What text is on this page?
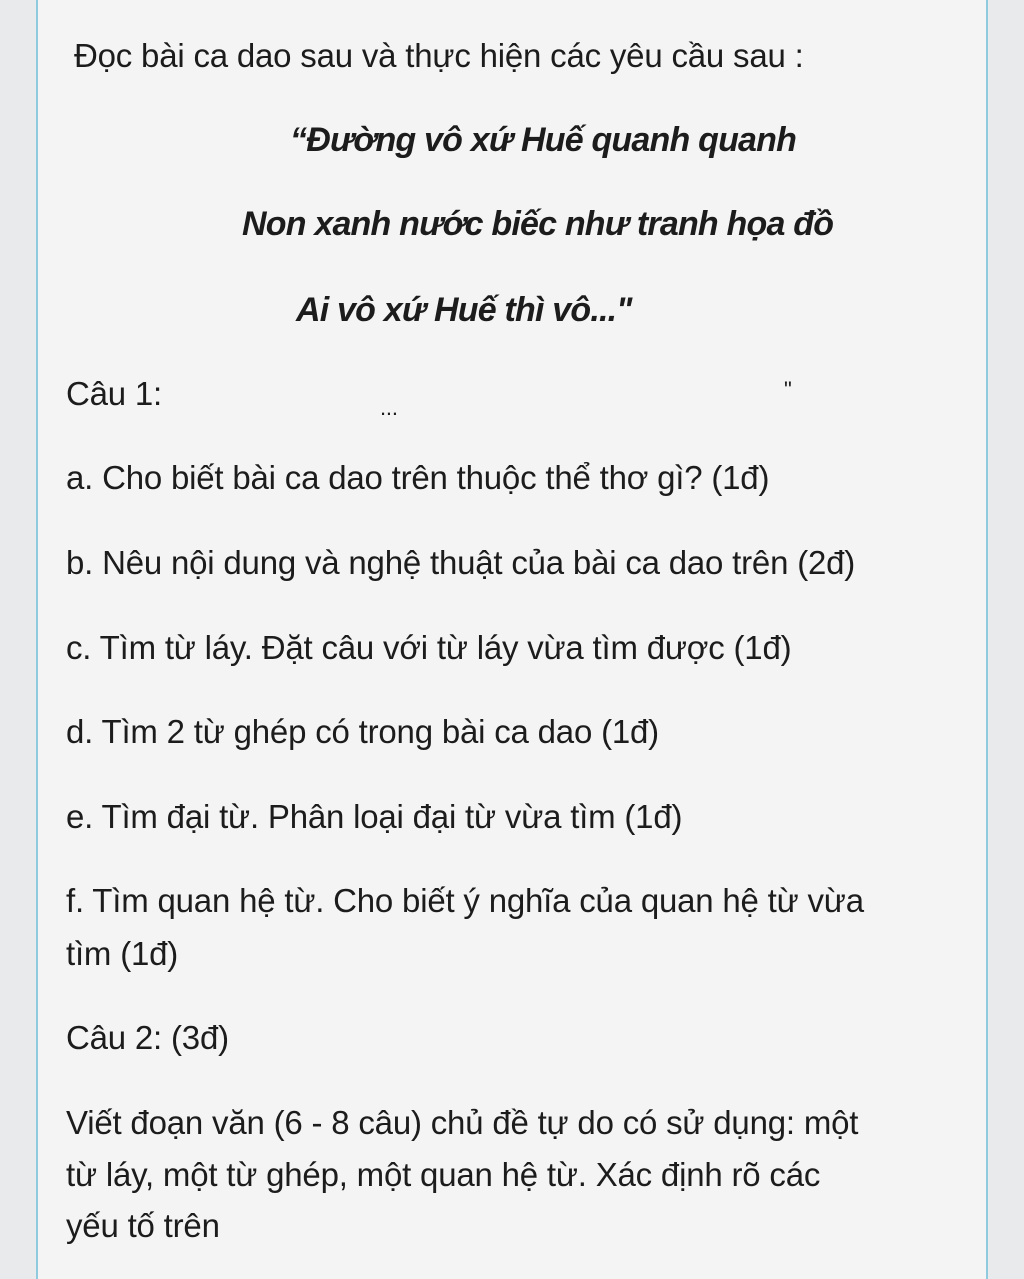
Đọc bài ca dao sau và thực hiện các yêu cầu sau :
“Đường vô xứ Huế quanh quanh
Non xanh nước biếc như tranh họa đồ
Ai vô xứ Huế thì vô..."
Câu 1:	...
"
a. Cho biết bài ca dao trên thuộc thể thơ gì? (1đ)
b. Nêu nội dung và nghệ thuật của bài ca dao trên (2đ)
c. Tìm từ láy. Đặt câu với từ láy vừa tìm được (1đ)
d. Tìm 2 từ ghép có trong bài ca dao (1đ)
e. Tìm đại từ. Phân loại đại từ vừa tìm (1đ)
f. Tìm quan hệ từ. Cho biết ý nghĩa của quan hệ từ vừa
tìm (1đ)
Câu 2: (3đ)
Viết đoạn văn (6 - 8 câu) chủ đề tự do có sử dụng: một
từ láy, một từ ghép, một quan hệ từ. Xác định rõ các
yếu tố trên
